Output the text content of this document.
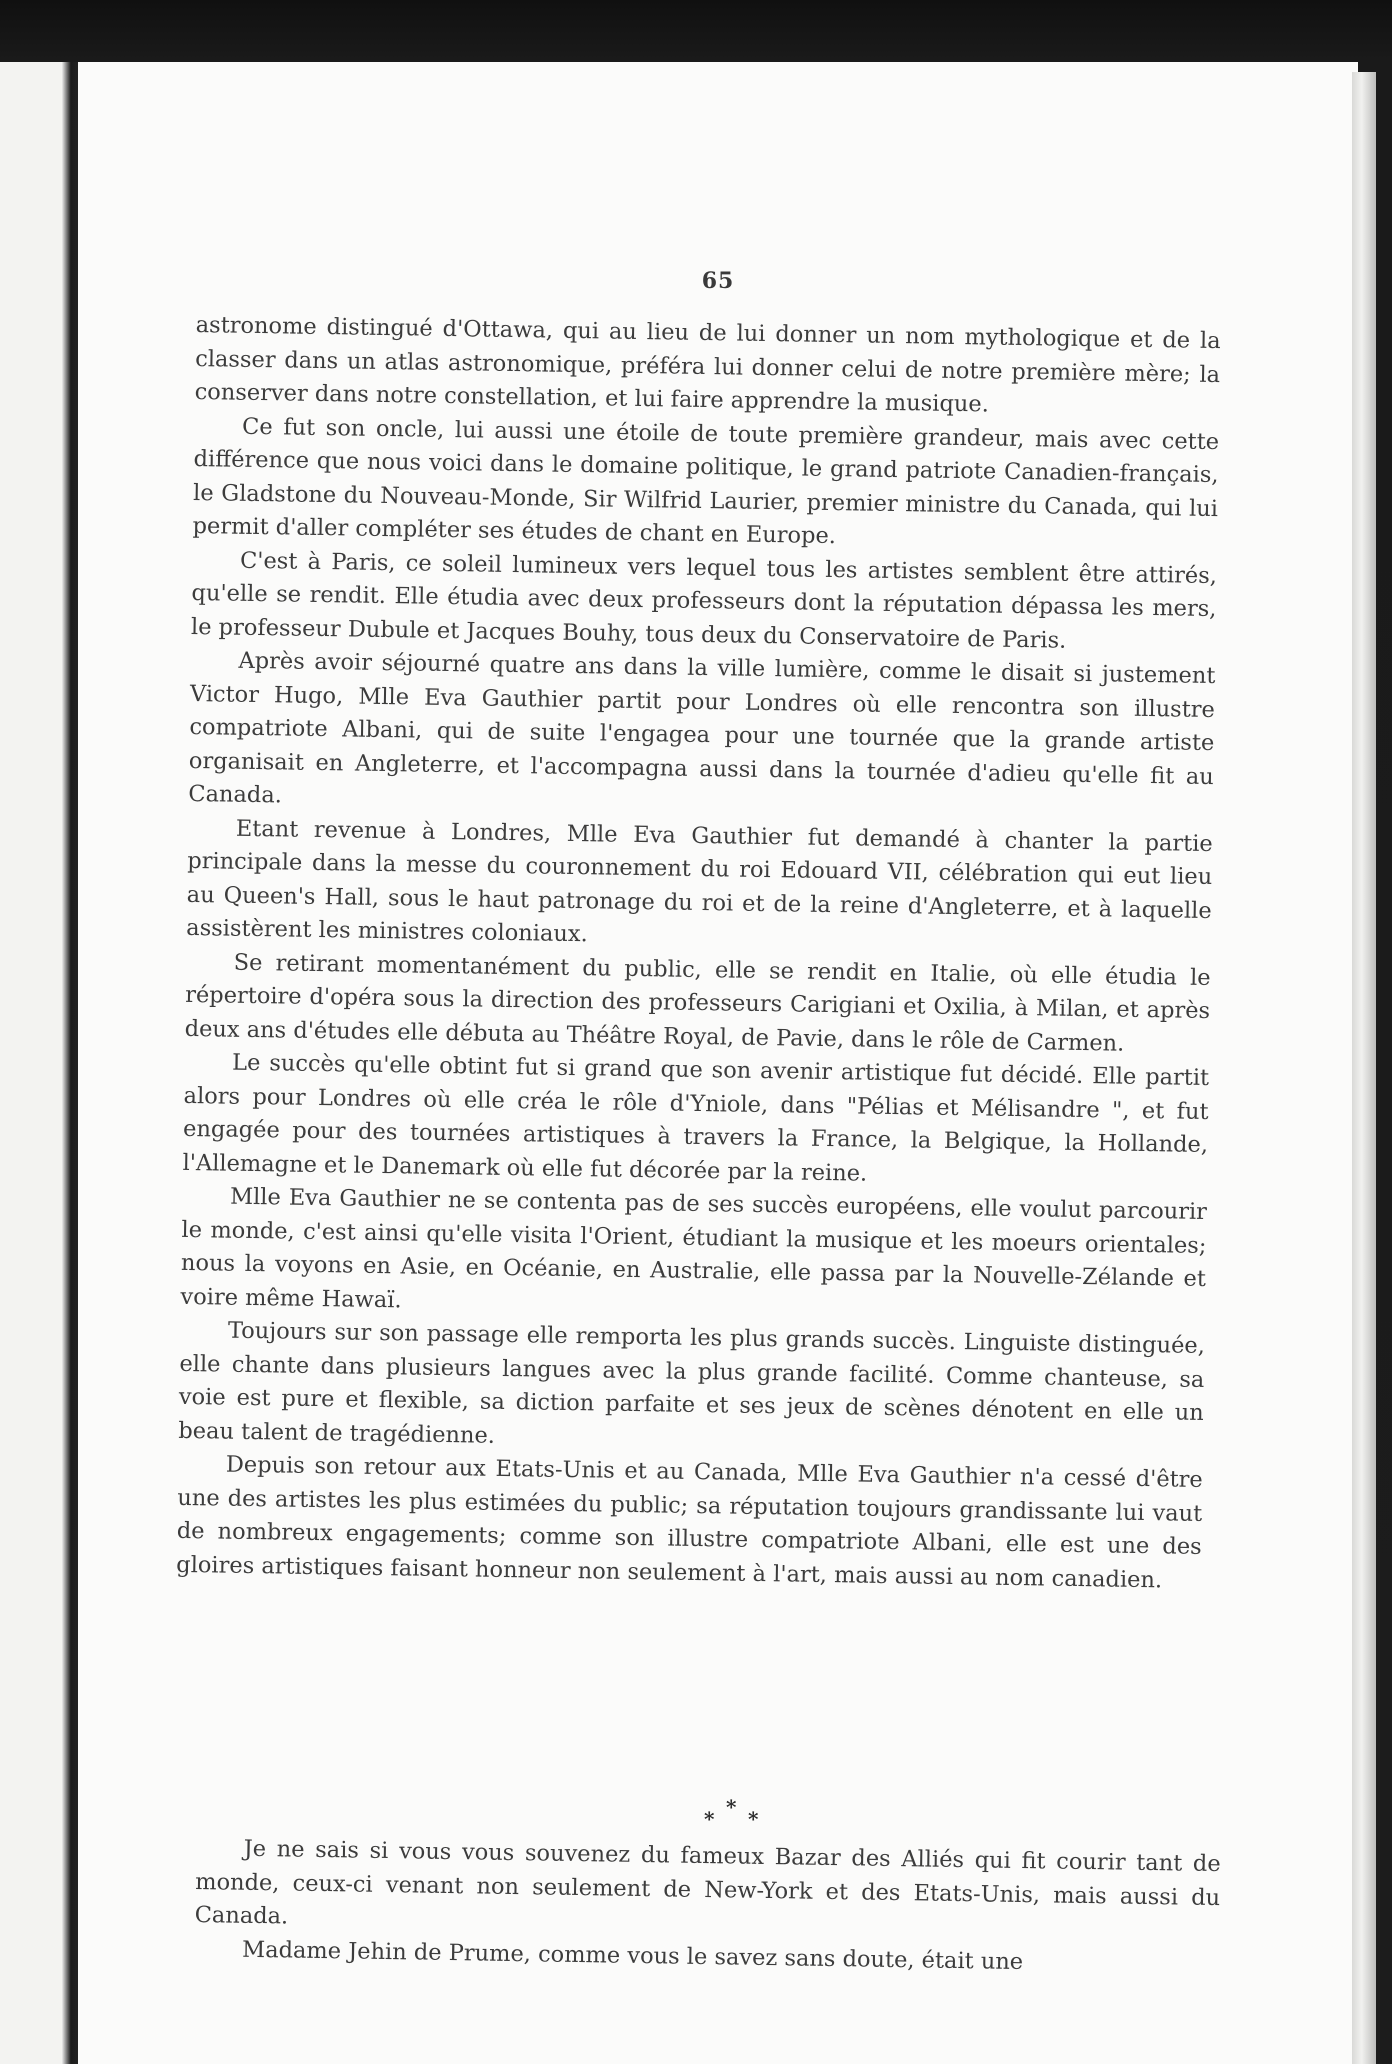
65

astronome distingué d'Ottawa, qui au lieu de lui donner un nom mythologique et de la classer dans un atlas astronomique, préféra lui donner celui de notre première mère; la conserver dans notre constellation, et lui faire apprendre la musique.

Ce fut son oncle, lui aussi une étoile de toute première grandeur, mais avec cette différence que nous voici dans le domaine politique, le grand patriote Canadien-français, le Gladstone du Nouveau-Monde, Sir Wilfrid Laurier, premier ministre du Canada, qui lui permit d'aller compléter ses études de chant en Europe.

C'est à Paris, ce soleil lumineux vers lequel tous les artistes semblent être attirés, qu'elle se rendit. Elle étudia avec deux professeurs dont la réputation dépassa les mers, le professeur Dubule et Jacques Bouhy, tous deux du Conservatoire de Paris.

Après avoir séjourné quatre ans dans la ville lumière, comme le disait si justement Victor Hugo, Mlle Eva Gauthier partit pour Londres où elle rencontra son illustre compatriote Albani, qui de suite l'engagea pour une tournée que la grande artiste organisait en Angleterre, et l'accompagna aussi dans la tournée d'adieu qu'elle fit au Canada.

Etant revenue à Londres, Mlle Eva Gauthier fut demandé à chanter la partie principale dans la messe du couronnement du roi Edouard VII, célébration qui eut lieu au Queen's Hall, sous le haut patronage du roi et de la reine d'Angleterre, et à laquelle assistèrent les ministres coloniaux.

Se retirant momentanément du public, elle se rendit en Italie, où elle étudia le répertoire d'opéra sous la direction des professeurs Carigiani et Oxilia, à Milan, et après deux ans d'études elle débuta au Théâtre Royal, de Pavie, dans le rôle de Carmen.

Le succès qu'elle obtint fut si grand que son avenir artistique fut décidé. Elle partit alors pour Londres où elle créa le rôle d'Yniole, dans "Pélias et Mélisandre ", et fut engagée pour des tournées artistiques à travers la France, la Belgique, la Hollande, l'Allemagne et le Danemark où elle fut décorée par la reine.

Mlle Eva Gauthier ne se contenta pas de ses succès européens, elle voulut parcourir le monde, c'est ainsi qu'elle visita l'Orient, étudiant la musique et les moeurs orientales; nous la voyons en Asie, en Océanie, en Australie, elle passa par la Nouvelle-Zélande et voire même Hawaï.

Toujours sur son passage elle remporta les plus grands succès. Linguiste distinguée, elle chante dans plusieurs langues avec la plus grande facilité. Comme chanteuse, sa voie est pure et flexible, sa diction parfaite et ses jeux de scènes dénotent en elle un beau talent de tragédienne.

Depuis son retour aux Etats-Unis et au Canada, Mlle Eva Gauthier n'a cessé d'être une des artistes les plus estimées du public; sa réputation toujours grandissante lui vaut de nombreux engagements; comme son illustre compatriote Albani, elle est une des gloires artistiques faisant honneur non seulement à l'art, mais aussi au nom canadien.

* * *

Je ne sais si vous vous souvenez du fameux Bazar des Alliés qui fit courir tant de monde, ceux-ci venant non seulement de New-York et des Etats-Unis, mais aussi du Canada.

Madame Jehin de Prume, comme vous le savez sans doute, était une
